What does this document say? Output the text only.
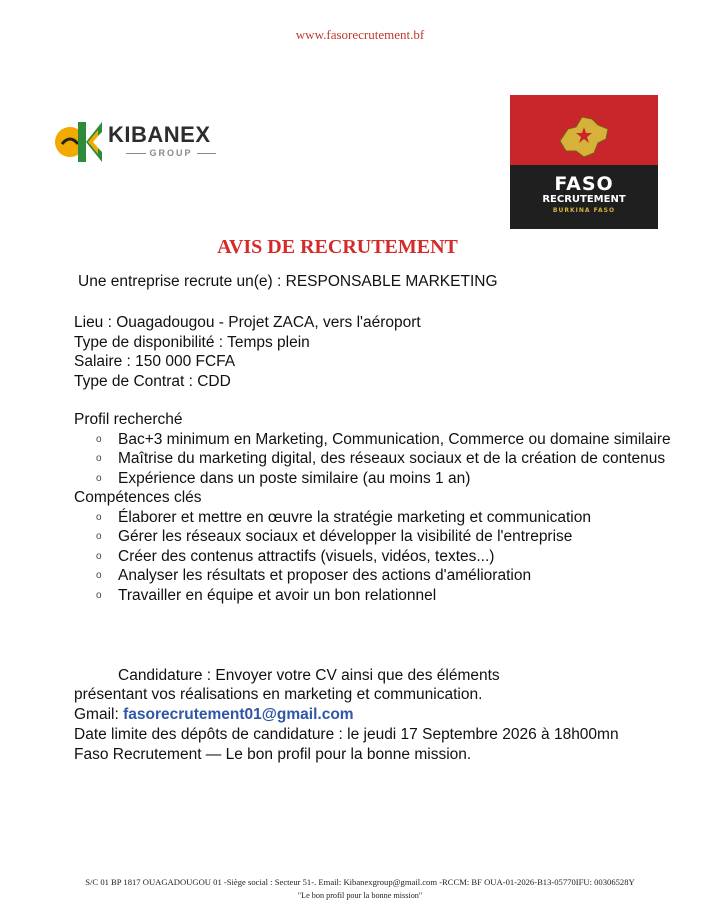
www.fasorecrutement.bf
KIBANEX
GROUP
FASO
RECRUTEMENT
BURKINA FASO
AVIS DE RECRUTEMENT
Une entreprise recrute un(e) : RESPONSABLE MARKETING
Lieu : Ouagadougou - Projet ZACA, vers l'aéroport
Type de disponibilité : Temps plein
Salaire : 150 000 FCFA
Type de Contrat : CDD
Profil recherché
o Bac+3 minimum en Marketing, Communication, Commerce ou domaine similaire
o Maîtrise du marketing digital, des réseaux sociaux et de la création de contenus
o Expérience dans un poste similaire (au moins 1 an)
Compétences clés
o Élaborer et mettre en œuvre la stratégie marketing et communication
o Gérer les réseaux sociaux et développer la visibilité de l'entreprise
o Créer des contenus attractifs (visuels, vidéos, textes...)
o Analyser les résultats et proposer des actions d'amélioration
o Travailler en équipe et avoir un bon relationnel
Candidature : Envoyer votre CV ainsi que des éléments
présentant vos réalisations en marketing et communication.
Gmail: fasorecrutement01@gmail.com
Date limite des dépôts de candidature : le jeudi 17 Septembre 2026 à 18h00mn
Faso Recrutement — Le bon profil pour la bonne mission.
S/C 01 BP 1817 OUAGADOUGOU 01 -Siège social : Secteur 51-. Email: Kibanexgroup@gmail.com -RCCM: BF OUA-01-2026-B13-05770IFU: 00306528Y
"Le bon profil pour la bonne mission"
